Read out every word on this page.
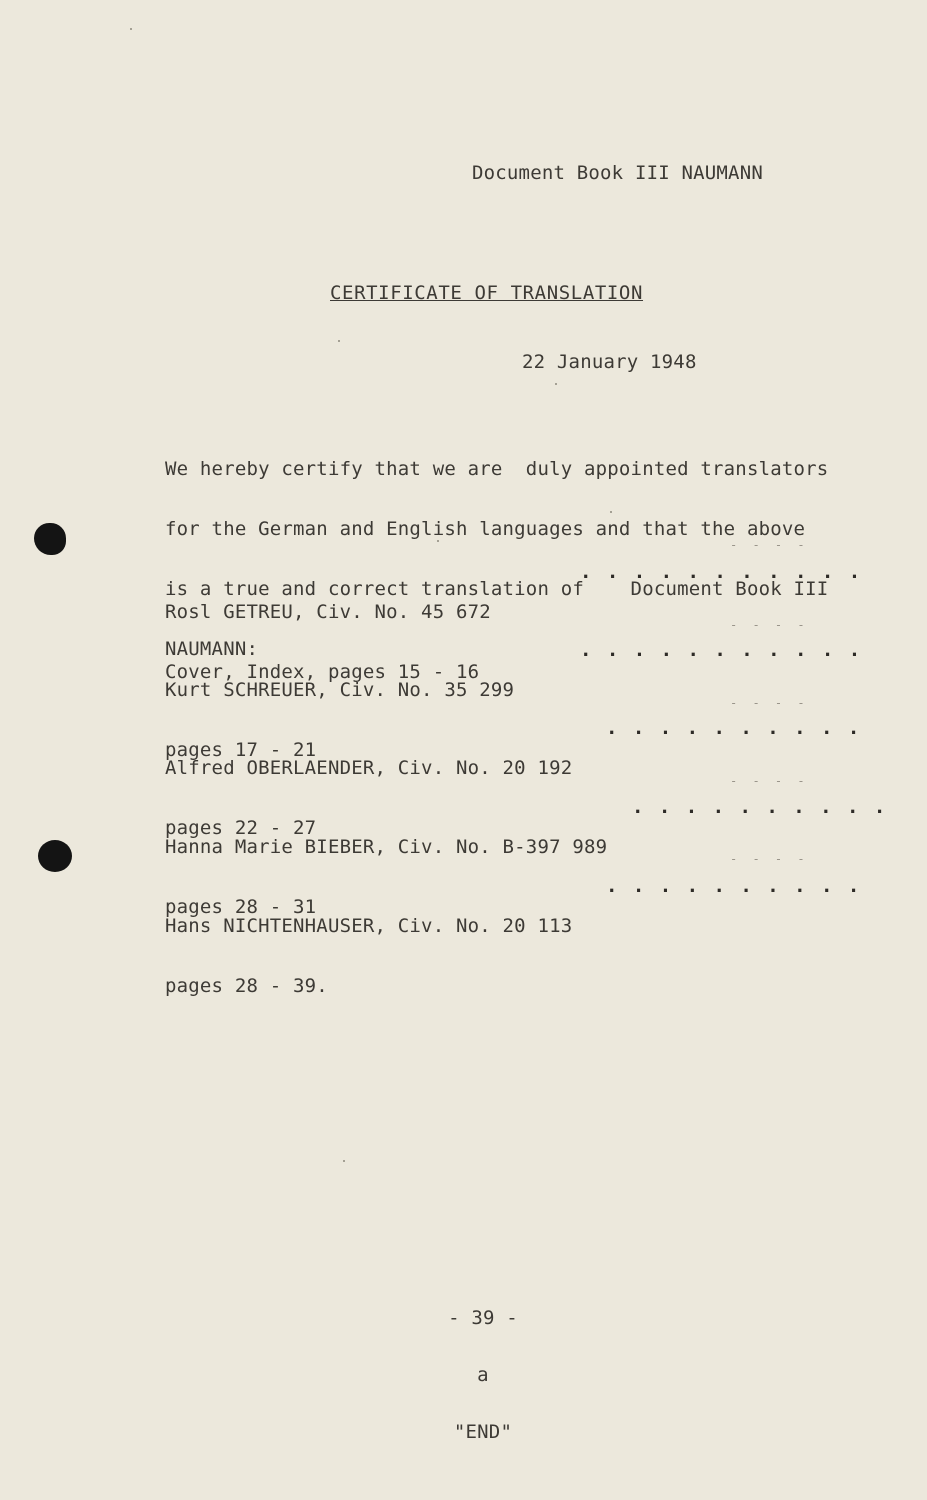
Document Book III NAUMANN
CERTIFICATE OF TRANSLATION
22 January 1948

We hereby certify that we are  duly appointed translators

for the German and English languages and that the above

is a true and correct translation of    Document Book III

NAUMANN:

- - - -

Rosl GETREU, Civ. No. 45 672

Cover, Index, pages 15 - 16

. . . . . . . . . . .
- - - -

Kurt SCHREUER, Civ. No. 35 299

pages 17 - 21

. . . . . . . . . . .
- - - -

Alfred OBERLAENDER, Civ. No. 20 192

pages 22 - 27

. . . . . . . . . .
- - - -

Hanna Marie BIEBER, Civ. No. B-397 989

pages 28 - 31

. . . . . . . . . .
- - - -

Hans NICHTENHAUSER, Civ. No. 20 113

pages 28 - 39.

. . . . . . . . . .

- 39 -

a

"END"
